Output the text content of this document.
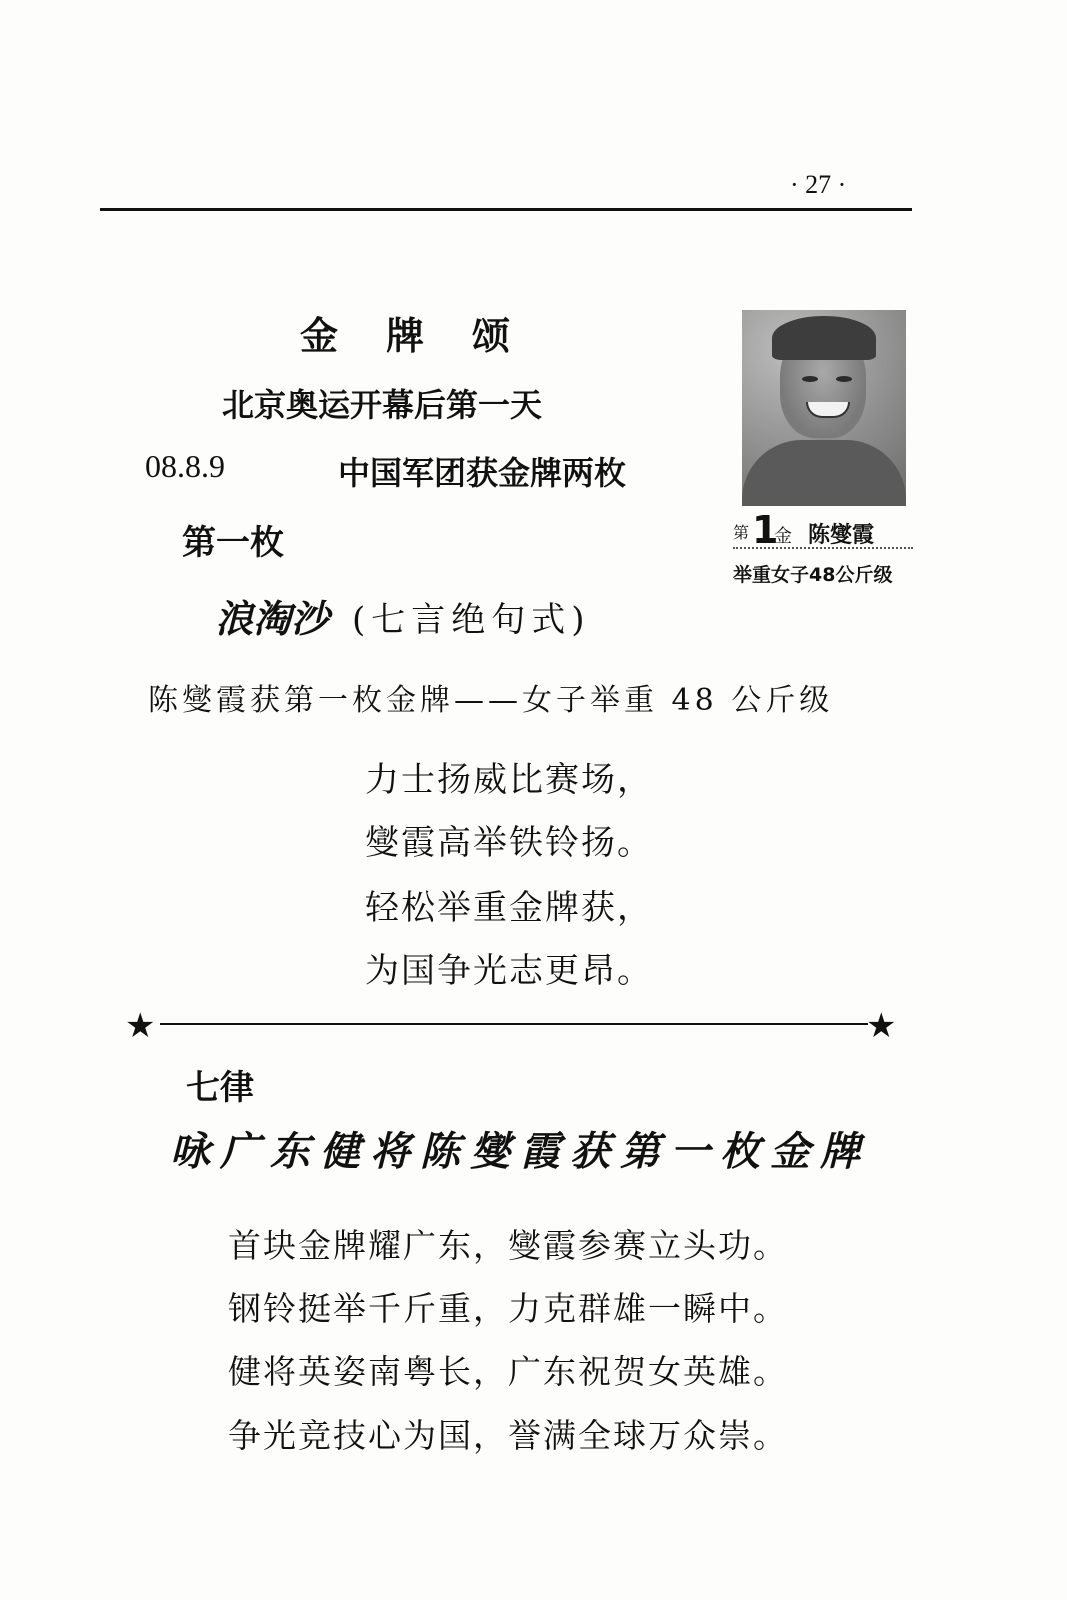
· 27 ·
金牌颂
北京奥运开幕后第一天
08.8.9	中国军团获金牌两枚
第一枚
浪淘沙 (七言绝句式)
陈燮霞获第一枚金牌——女子举重 48 公斤级
第 1
金 陈燮霞
举重女子48公斤级
力士扬威比赛场，
燮霞高举铁铃扬。
轻松举重金牌获，
为国争光志更昂。
★	★
七律
咏广东健将陈燮霞获第一枚金牌
首块金牌耀广东，燮霞参赛立头功。
钢铃挺举千斤重，力克群雄一瞬中。
健将英姿南粤长，广东祝贺女英雄。
争光竞技心为国，誉满全球万众崇。
